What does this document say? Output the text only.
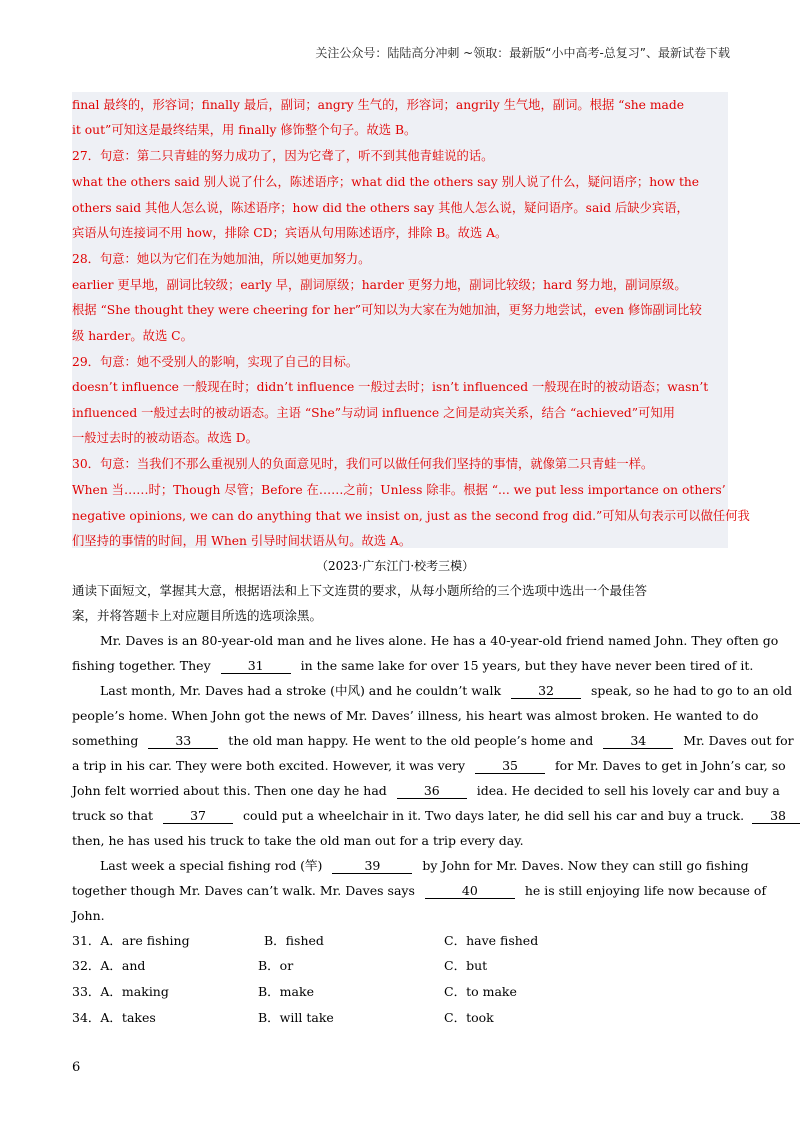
关注公众号：陆陆高分冲刺 ~领取：最新版“小中高考-总复习”、最新试卷下载
final 最终的，形容词；finally 最后，副词；angry 生气的，形容词；angrily 生气地，副词。根据 “she made
it out”可知这是最终结果，用 finally 修饰整个句子。故选 B。
27．句意：第二只青蛙的努力成功了，因为它聋了，听不到其他青蛙说的话。
what the others said 别人说了什么，陈述语序；what did the others say 别人说了什么，疑问语序；how the
others said 其他人怎么说，陈述语序；how did the others say 其他人怎么说，疑问语序。said 后缺少宾语，
宾语从句连接词不用 how，排除 CD；宾语从句用陈述语序，排除 B。故选 A。
28．句意：她以为它们在为她加油，所以她更加努力。
earlier 更早地，副词比较级；early 早，副词原级；harder 更努力地，副词比较级；hard 努力地，副词原级。
根据 “She thought they were cheering for her”可知以为大家在为她加油，更努力地尝试，even 修饰副词比较
级 harder。故选 C。
29．句意：她不受别人的影响，实现了自己的目标。
doesn’t influence 一般现在时；didn’t influence 一般过去时；isn’t influenced 一般现在时的被动语态；wasn’t
influenced 一般过去时的被动语态。主语 “She”与动词 influence 之间是动宾关系，结合 “achieved”可知用
一般过去时的被动语态。故选 D。
30．句意：当我们不那么重视别人的负面意见时，我们可以做任何我们坚持的事情，就像第二只青蛙一样。
When 当……时；Though 尽管；Before 在……之前；Unless 除非。根据 “... we put less importance on others’
negative opinions, we can do anything that we insist on, just as the second frog did.”可知从句表示可以做任何我
们坚持的事情的时间，用 When 引导时间状语从句。故选 A。
（2023·广东江门·校考三模）
通读下面短文，掌握其大意，根据语法和上下文连贯的要求，从每小题所给的三个选项中选出一个最佳答
案，并将答题卡上对应题目所选的选项涂黑。
Mr. Daves is an 80-year-old man and he lives alone. He has a 40-year-old friend named John. They often go
fishing together. They	31	in the same lake for over 15 years, but they have never been tired of it.
Last month, Mr. Daves had a stroke (中风) and he couldn’t walk	32	speak, so he had to go to an old
people’s home. When John got the news of Mr. Daves’ illness, his heart was almost broken. He wanted to do
something	33	the old man happy. He went to the old people’s home and	34	Mr. Daves out for
a trip in his car. They were both excited. However, it was very	35	for Mr. Daves to get in John’s car, so
John felt worried about this. Then one day he had	36	idea. He decided to sell his lovely car and buy a
truck so that	37	could put a wheelchair in it. Two days later, he did sell his car and buy a truck. 38
then, he has used his truck to take the old man out for a trip every day.
Last week a special fishing rod (竿)	39	by John for Mr. Daves. Now they can still go fishing
together though Mr. Daves can’t walk. Mr. Daves says	40	he is still enjoying life now because of
John.
31．A．are fishing	B．fished	C．have fished
32．A．and	B．or	C．but
33．A．making	B．make	C．to make
34．A．takes	B．will take	C．took
6
